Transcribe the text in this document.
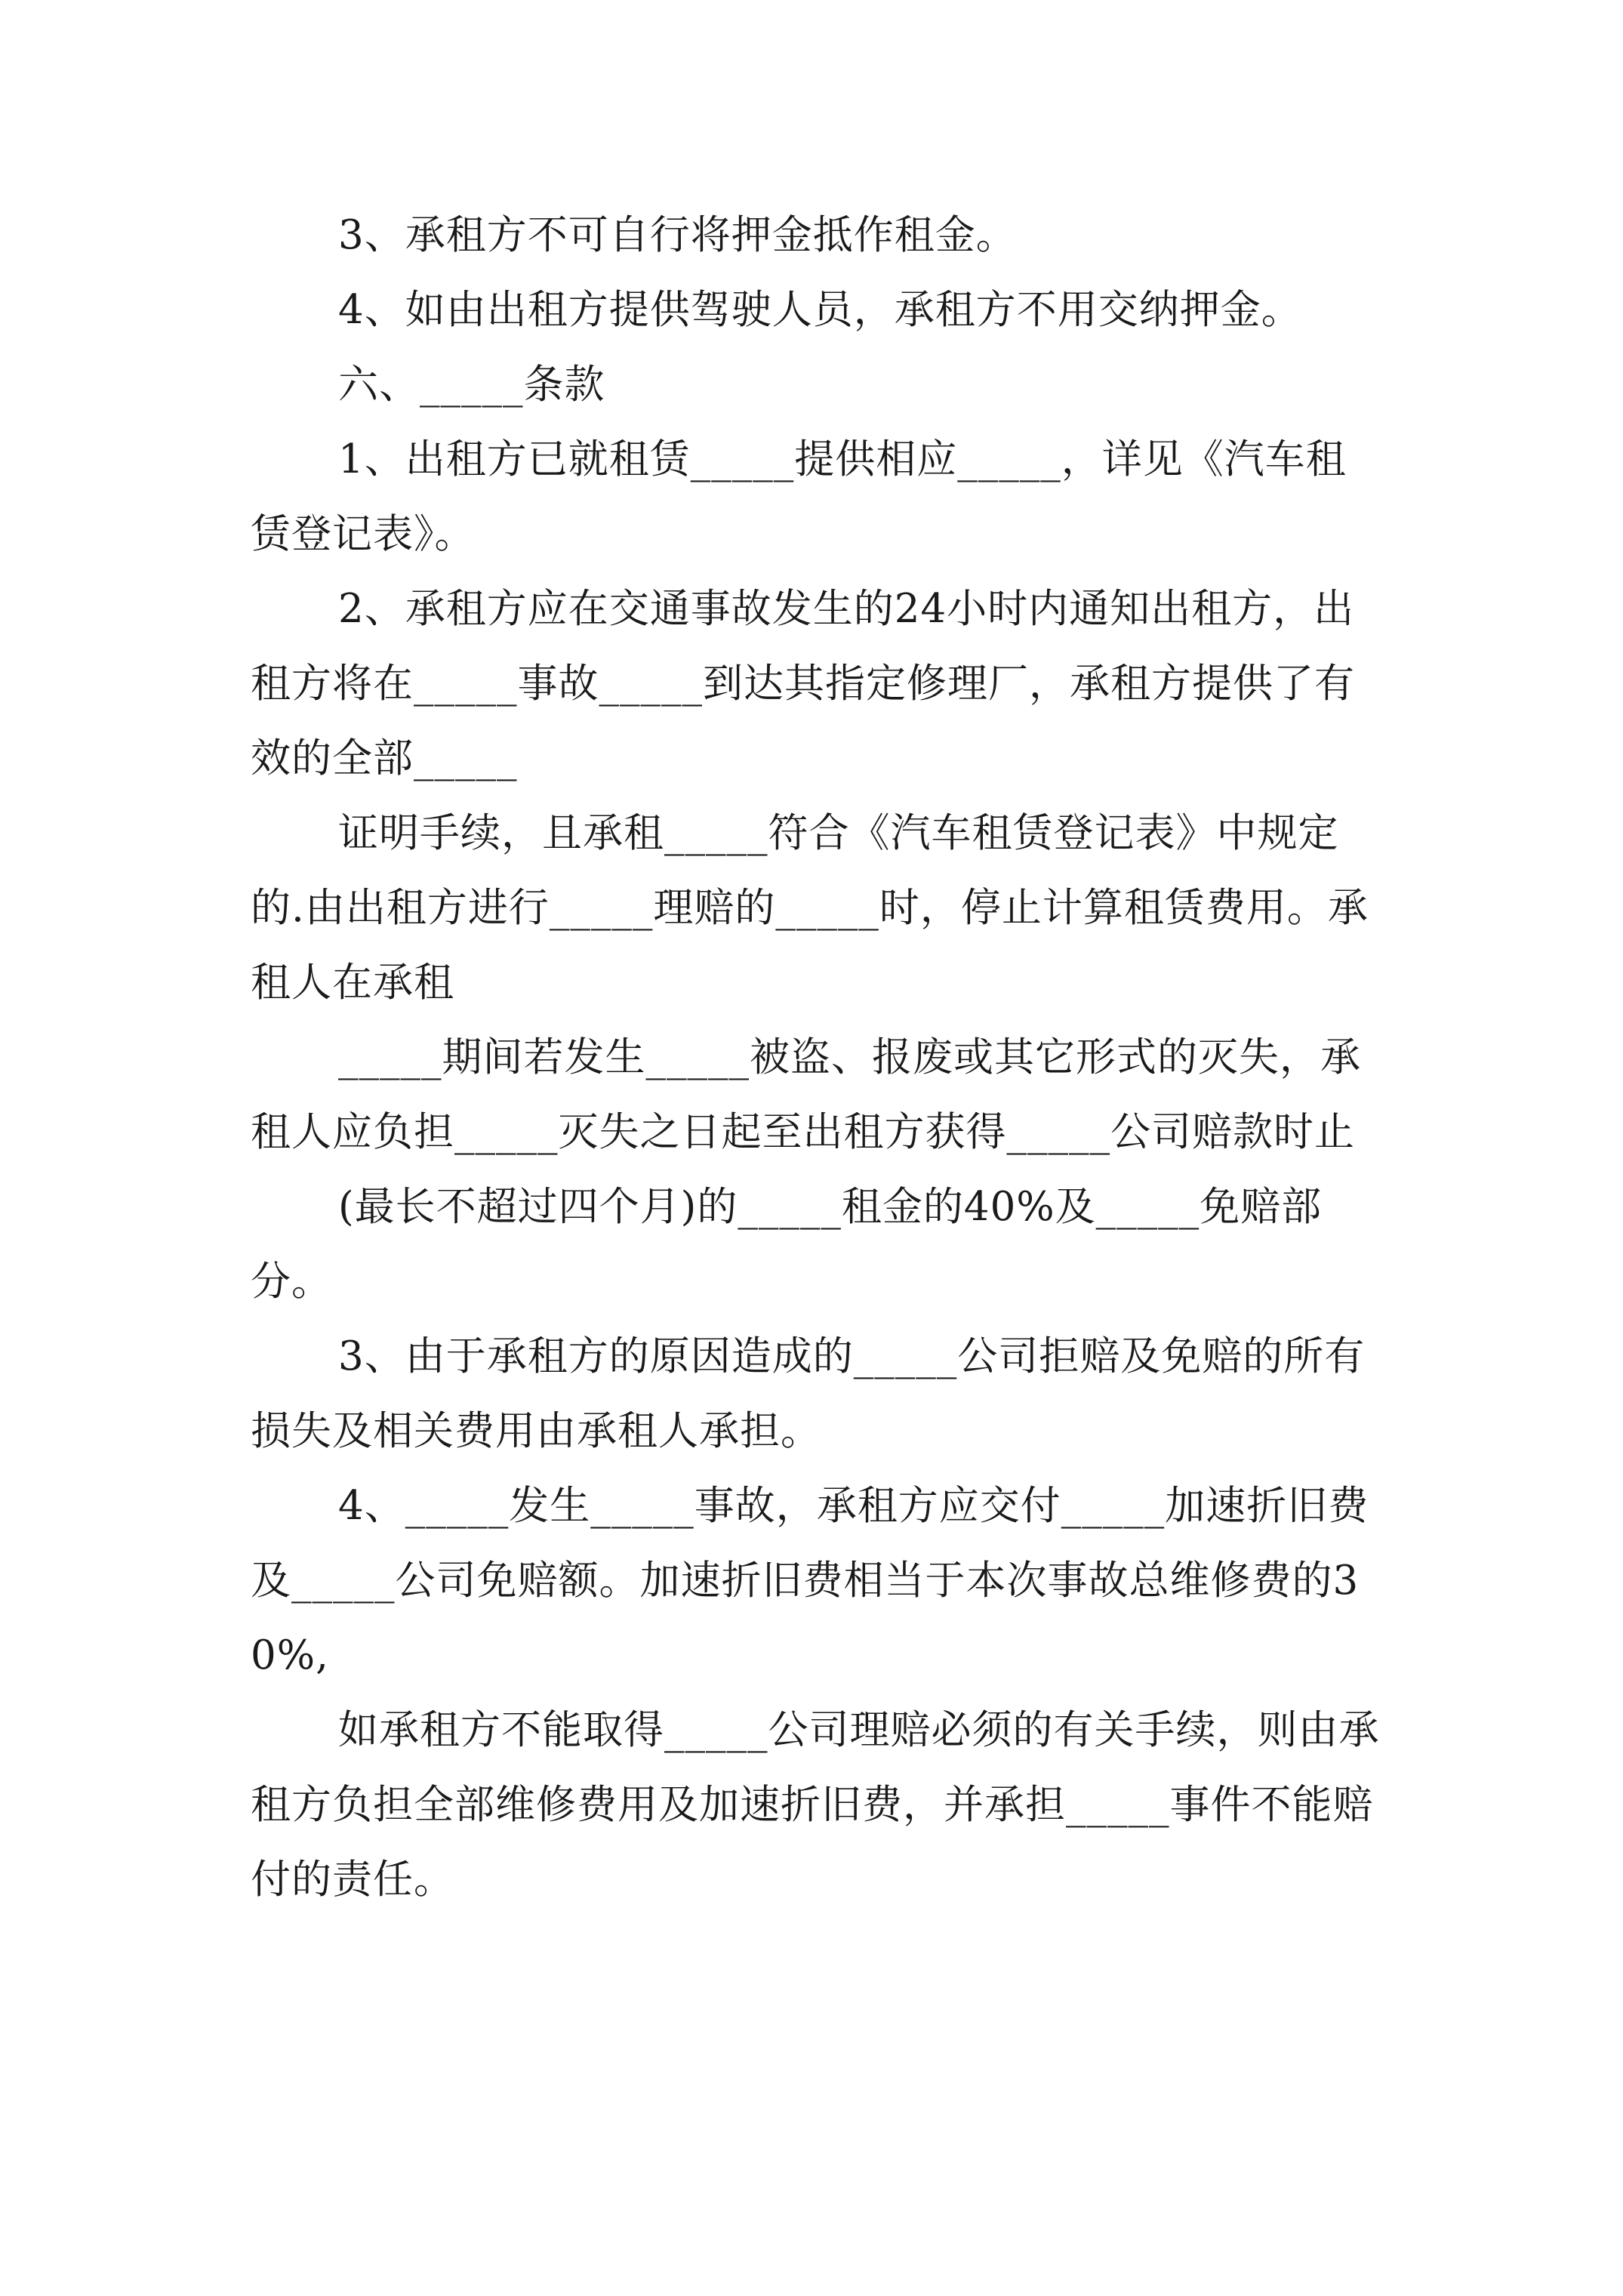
3、承租方不可自行将押金抵作租金。

4、如由出租方提供驾驶人员，承租方不用交纳押金。

六、_____条款

1、出租方已就租赁_____提供相应_____，详见《汽车租赁登记表》。

2、承租方应在交通事故发生的24小时内通知出租方，出租方将在_____事故_____到达其指定修理厂，承租方提供了有效的全部_____

证明手续，且承租_____符合《汽车租赁登记表》中规定的.由出租方进行_____理赔的_____时，停止计算租赁费用。承租人在承租

_____期间若发生_____被盗、报废或其它形式的灭失，承租人应负担_____灭失之日起至出租方获得_____公司赔款时止

(最长不超过四个月)的_____租金的40%及_____免赔部分。

3、由于承租方的原因造成的_____公司拒赔及免赔的所有损失及相关费用由承租人承担。

4、_____发生_____事故，承租方应交付_____加速折旧费及_____公司免赔额。加速折旧费相当于本次事故总维修费的30%,

如承租方不能取得_____公司理赔必须的有关手续，则由承租方负担全部维修费用及加速折旧费，并承担_____事件不能赔付的责任。
